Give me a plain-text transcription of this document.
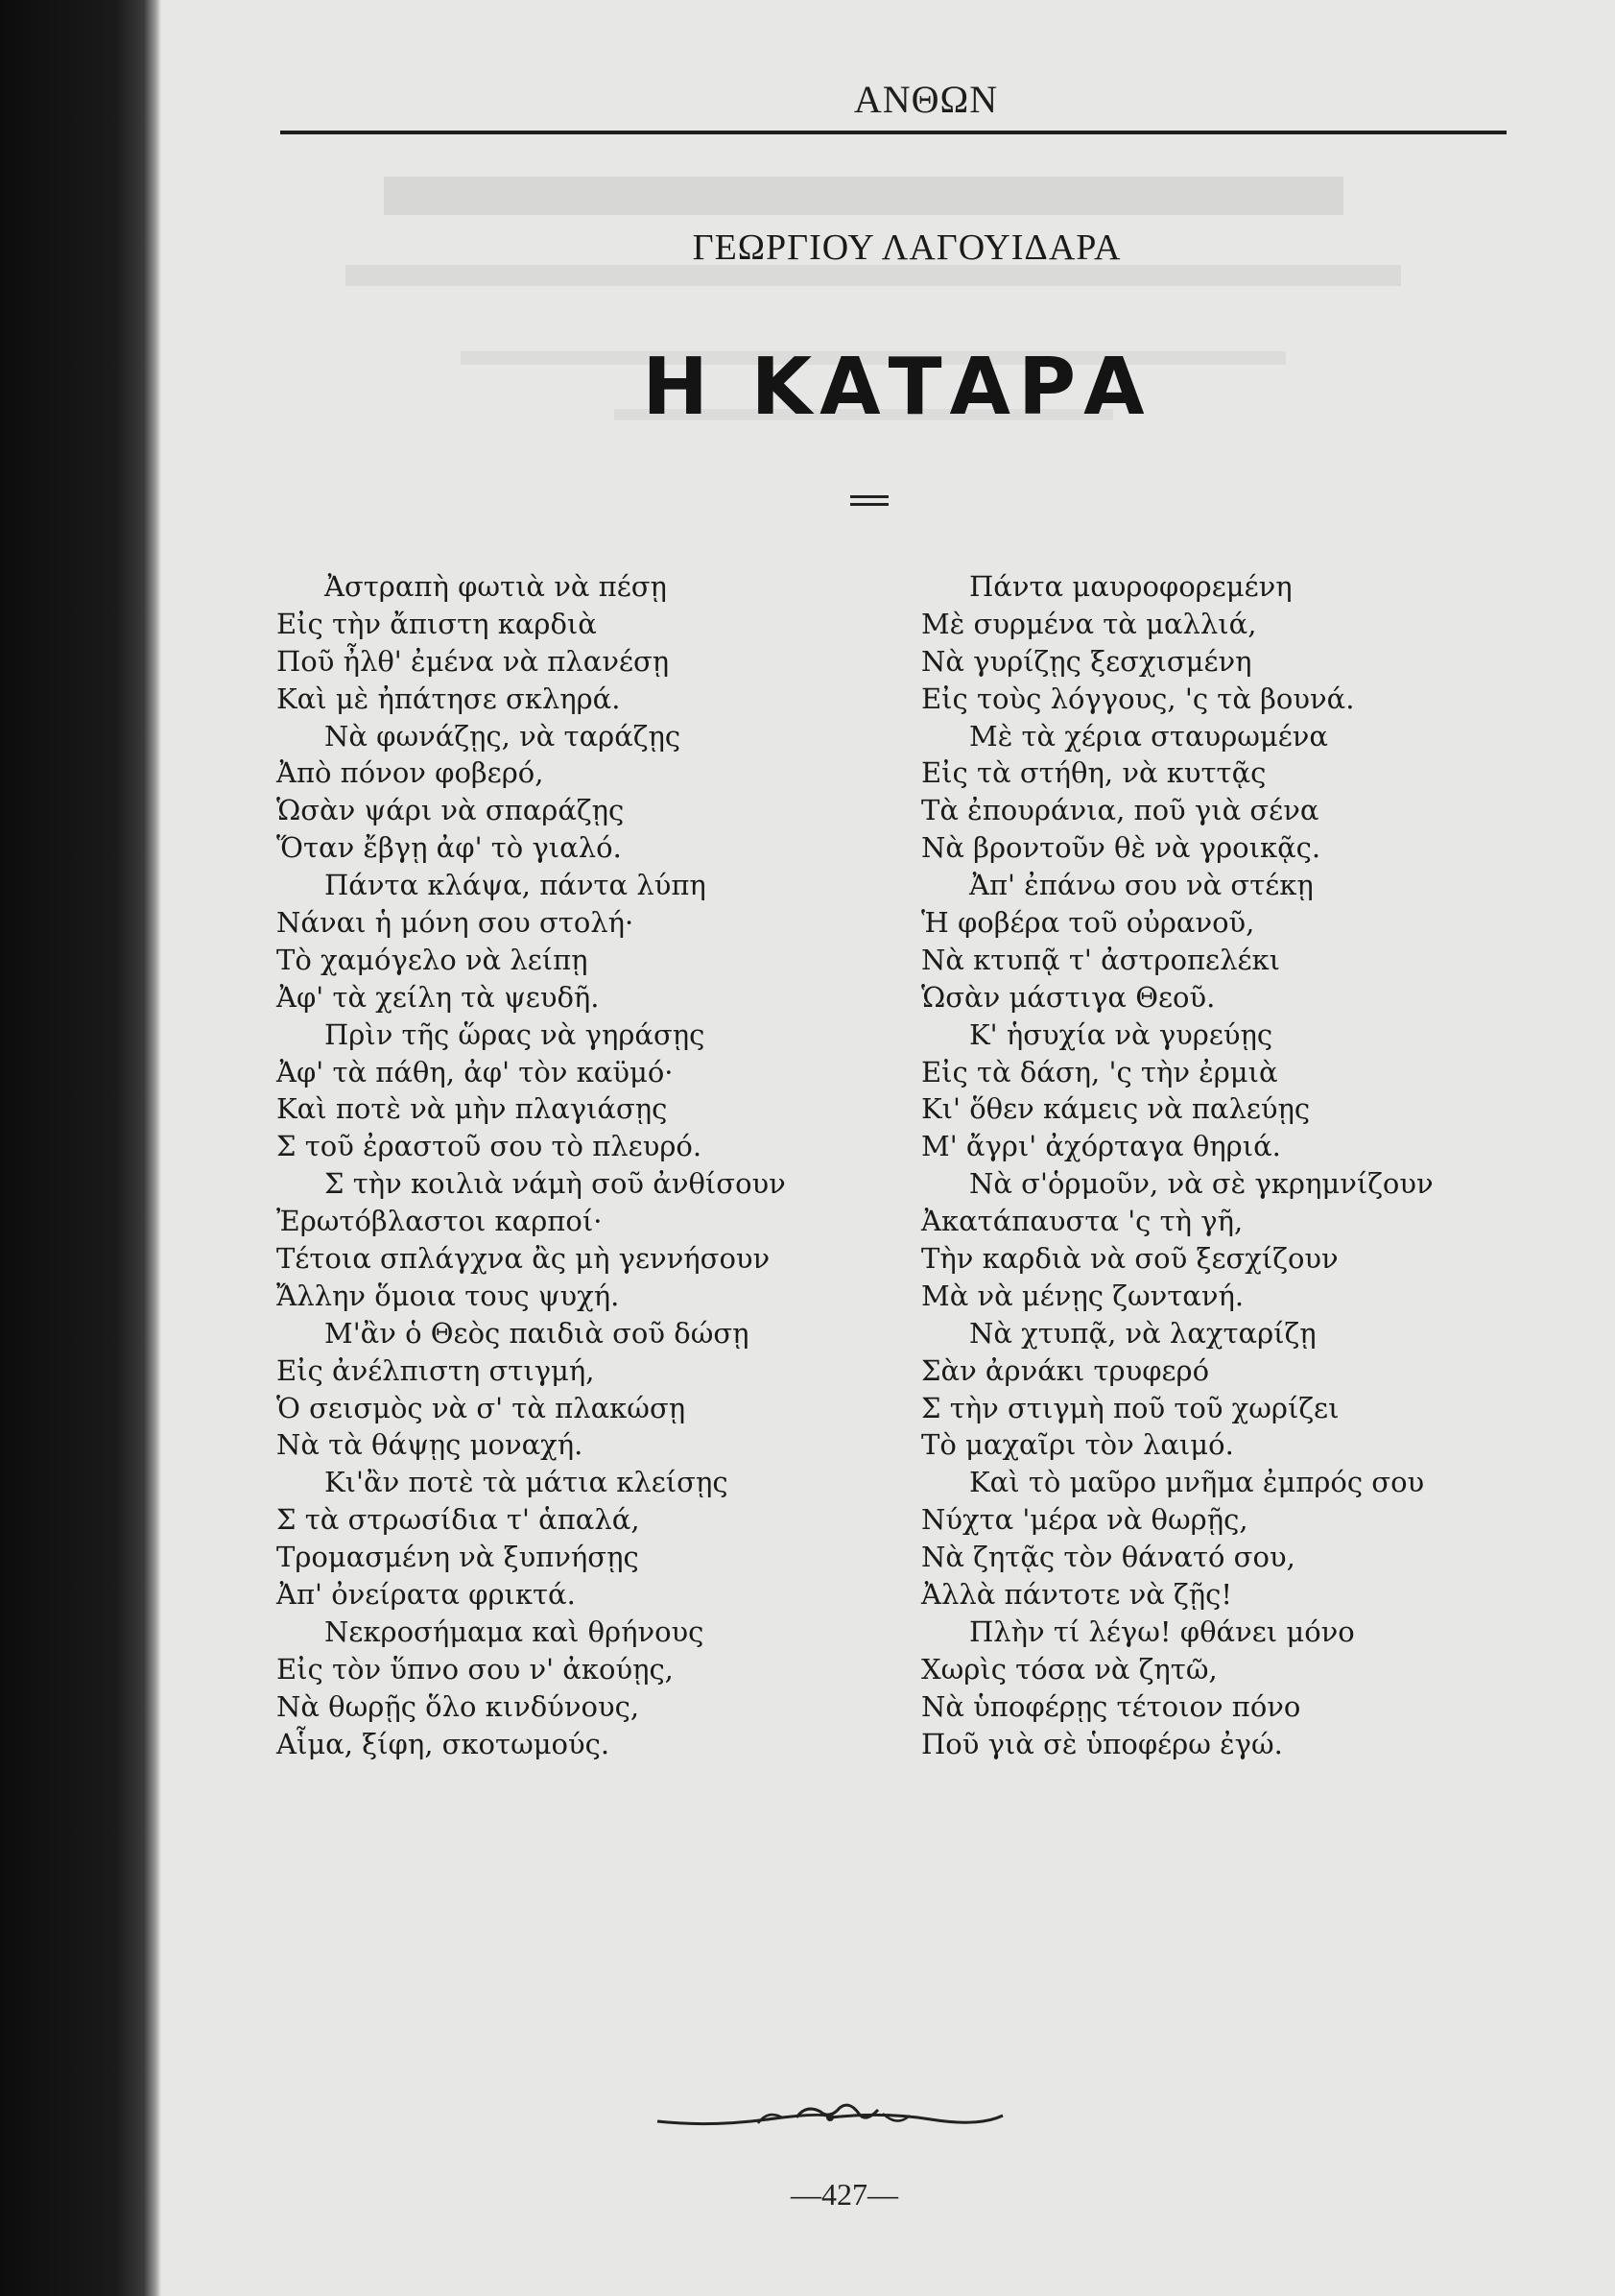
ΑΝΘΩΝ
ΓΕΩΡΓΙΟΥ ΛΑΓΟΥΙΔΑΡΑ
Η ΚΑΤΑΡΑ
Ἀστραπὴ φωτιὰ νὰ πέσῃ
Εἰς τὴν ἄπιστη καρδιὰ
Ποῦ ἦλθ' ἐμένα νὰ πλανέσῃ
Καὶ μὲ ἠπάτησε σκληρά.
Νὰ φωνάζῃς, νὰ ταράζῃς
Ἀπὸ πόνον φοβερό,
Ὡσὰν ψάρι νὰ σπαράζῃς
Ὅταν ἔβγῃ ἀφ' τὸ γιαλό.
Πάντα κλάψα, πάντα λύπη
Νάναι ἡ μόνη σου στολή·
Τὸ χαμόγελο νὰ λείπῃ
Ἀφ' τὰ χείλη τὰ ψευδῆ.
Πρὶν τῆς ὥρας νὰ γηράσῃς
Ἀφ' τὰ πάθη, ἀφ' τὸν καϋμό·
Καὶ ποτὲ νὰ μὴν πλαγιάσῃς
Σ τοῦ ἐραστοῦ σου τὸ πλευρό.
Σ τὴν κοιλιὰ νάμὴ σοῦ ἀνθίσουν
Ἐρωτόβλαστοι καρποί·
Τέτοια σπλάγχνα ἂς μὴ γεννήσουν
Ἄλλην ὅμοια τους ψυχή.
Μ'ἂν ὁ Θεὸς παιδιὰ σοῦ δώσῃ
Εἰς ἀνέλπιστη στιγμή,
Ὁ σεισμὸς νὰ σ' τὰ πλακώσῃ
Νὰ τὰ θάψῃς μοναχή.
Κι'ἂν ποτὲ τὰ μάτια κλείσῃς
Σ τὰ στρωσίδια τ' ἁπαλά,
Τρομασμένη νὰ ξυπνήσῃς
Ἀπ' ὀνείρατα φρικτά.
Νεκροσήμαμα καὶ θρήνους
Εἰς τὸν ὕπνο σου ν' ἀκούῃς,
Νὰ θωρῇς ὅλο κινδύνους,
Αἷμα, ξίφη, σκοτωμούς.
Πάντα μαυροφορεμένη
Μὲ συρμένα τὰ μαλλιά,
Νὰ γυρίζῃς ξεσχισμένη
Εἰς τοὺς λόγγους, 'ς τὰ βουνά.
Μὲ τὰ χέρια σταυρωμένα
Εἰς τὰ στήθη, νὰ κυττᾷς
Τὰ ἐπουράνια, ποῦ γιὰ σένα
Νὰ βροντοῦν θὲ νὰ γροικᾷς.
Ἀπ' ἐπάνω σου νὰ στέκῃ
Ἡ φοβέρα τοῦ οὐρανοῦ,
Νὰ κτυπᾷ τ' ἀστροπελέκι
Ὡσὰν μάστιγα Θεοῦ.
Κ' ἡσυχία νὰ γυρεύῃς
Εἰς τὰ δάση, 'ς τὴν ἐρμιὰ
Κι' ὅθεν κάμεις νὰ παλεύῃς
Μ' ἄγρι' ἀχόρταγα θηριά.
Νὰ σ'ὁρμοῦν, νὰ σὲ γκρημνίζουν
Ἀκατάπαυστα 'ς τὴ γῆ,
Τὴν καρδιὰ νὰ σοῦ ξεσχίζουν
Μὰ νὰ μένῃς ζωντανή.
Νὰ χτυπᾷ, νὰ λαχταρίζῃ
Σὰν ἀρνάκι τρυφερό
Σ τὴν στιγμὴ ποῦ τοῦ χωρίζει
Τὸ μαχαῖρι τὸν λαιμό.
Καὶ τὸ μαῦρο μνῆμα ἐμπρός σου
Νύχτα 'μέρα νὰ θωρῇς,
Νὰ ζητᾷς τὸν θάνατό σου,
Ἀλλὰ πάντοτε νὰ ζῇς!
Πλὴν τί λέγω! φθάνει μόνο
Χωρὶς τόσα νὰ ζητῶ,
Νὰ ὑποφέρῃς τέτοιον πόνο
Ποῦ γιὰ σὲ ὑποφέρω ἐγώ.
—427—
